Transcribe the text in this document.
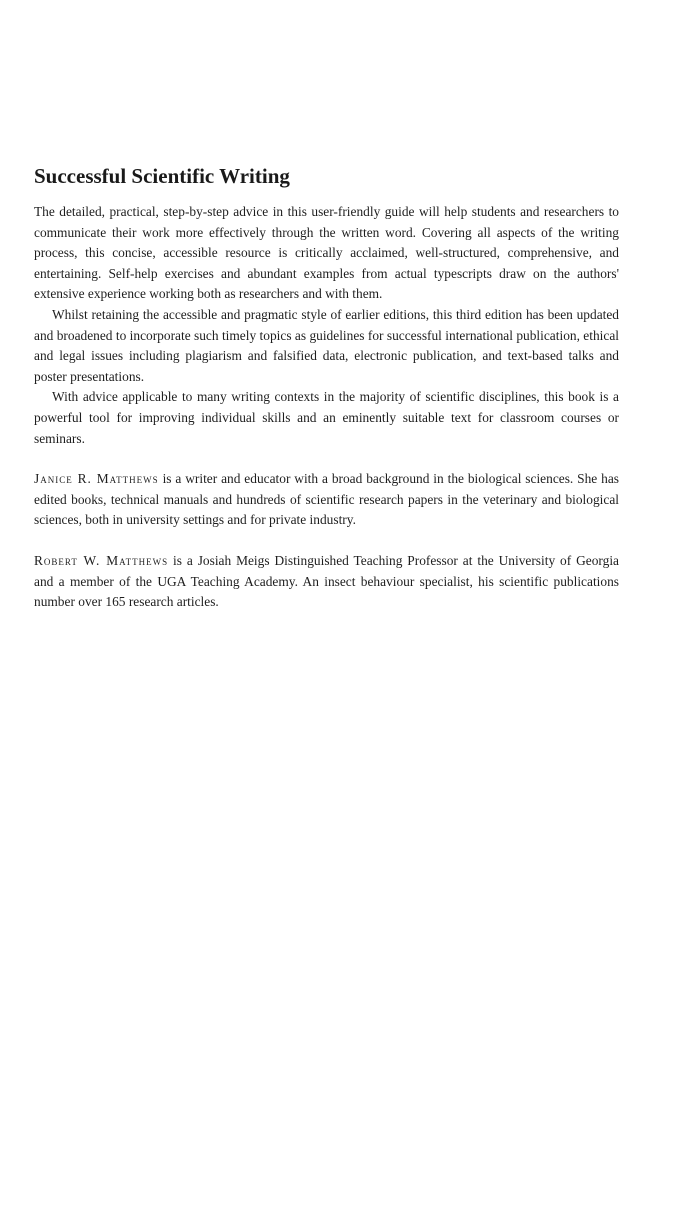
Successful Scientific Writing

The detailed, practical, step-by-step advice in this user-friendly guide will help students and researchers to communicate their work more effectively through the written word. Covering all aspects of the writing process, this concise, accessible resource is critically acclaimed, well-structured, comprehensive, and entertaining. Self-help exercises and abundant examples from actual typescripts draw on the authors' extensive experience working both as researchers and with them.

Whilst retaining the accessible and pragmatic style of earlier editions, this third edition has been updated and broadened to incorporate such timely topics as guidelines for successful international publication, ethical and legal issues including plagiarism and falsified data, electronic publication, and text-based talks and poster presentations.

With advice applicable to many writing contexts in the majority of scientific disciplines, this book is a powerful tool for improving individual skills and an eminently suitable text for classroom courses or seminars.

Janice R. Matthews is a writer and educator with a broad background in the biological sciences. She has edited books, technical manuals and hundreds of scientific research papers in the veterinary and biological sciences, both in university settings and for private industry.

Robert W. Matthews is a Josiah Meigs Distinguished Teaching Professor at the University of Georgia and a member of the UGA Teaching Academy. An insect behaviour specialist, his scientific publications number over 165 research articles.
